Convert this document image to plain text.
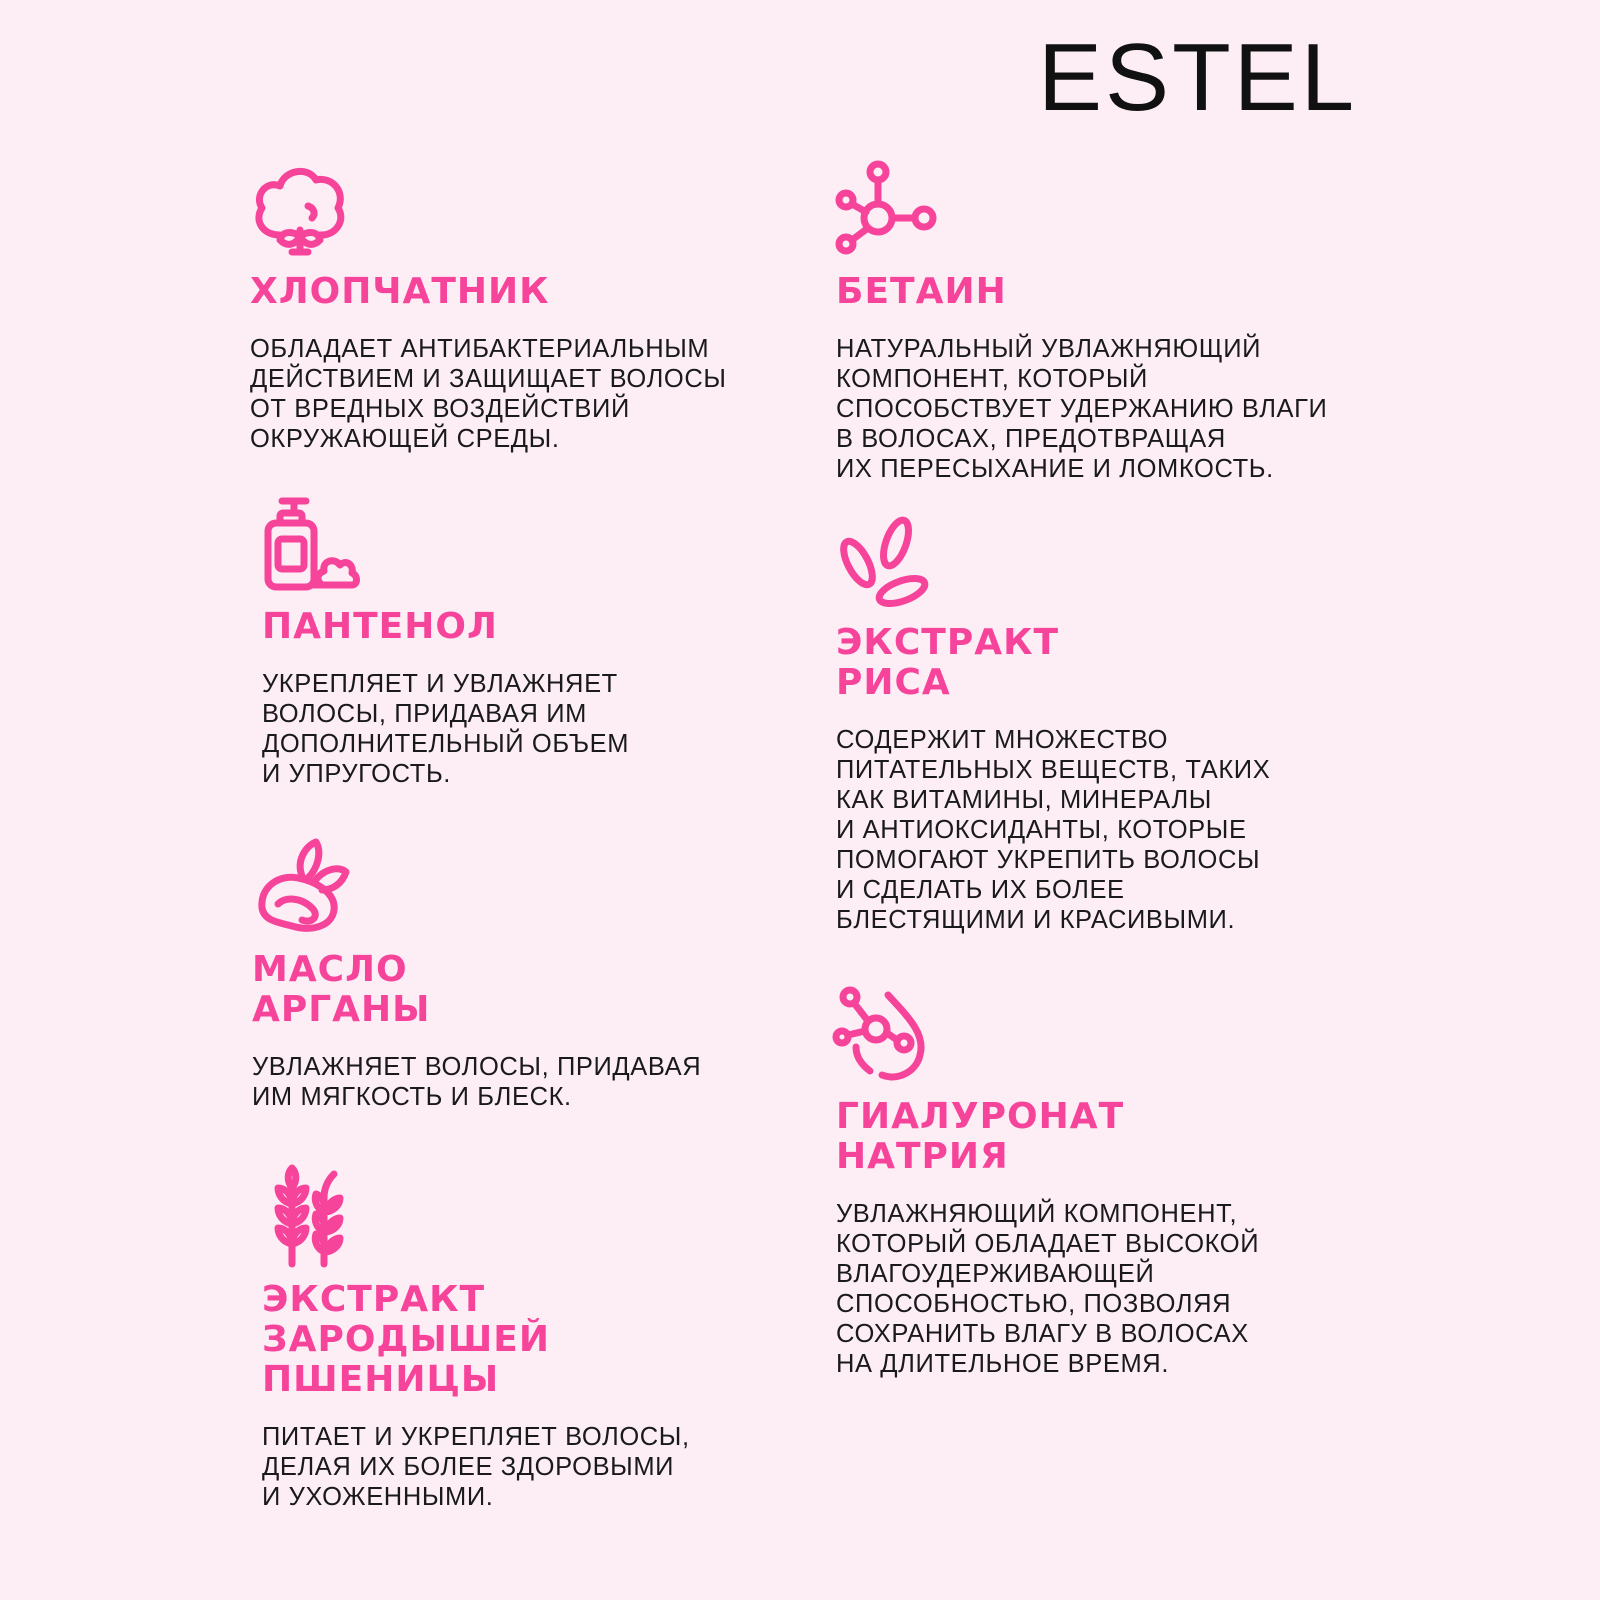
ESTEL
ХЛОПЧАТНИК
ОБЛАДАЕТ АНТИБАКТЕРИАЛЬНЫМ
ДЕЙСТВИЕМ И ЗАЩИЩАЕТ ВОЛОСЫ
ОТ ВРЕДНЫХ ВОЗДЕЙСТВИЙ
ОКРУЖАЮЩЕЙ СРЕДЫ.
ПАНТЕНОЛ
УКРЕПЛЯЕТ И УВЛАЖНЯЕТ
ВОЛОСЫ, ПРИДАВАЯ ИМ
ДОПОЛНИТЕЛЬНЫЙ ОБЪЕМ
И УПРУГОСТЬ.
МАСЛО
АРГАНЫ
УВЛАЖНЯЕТ ВОЛОСЫ, ПРИДАВАЯ
ИМ МЯГКОСТЬ И БЛЕСК.
ЭКСТРАКТ
ЗАРОДЫШЕЙ
ПШЕНИЦЫ
ПИТАЕТ И УКРЕПЛЯЕТ ВОЛОСЫ,
ДЕЛАЯ ИХ БОЛЕЕ ЗДОРОВЫМИ
И УХОЖЕННЫМИ.
БЕТАИН
НАТУРАЛЬНЫЙ УВЛАЖНЯЮЩИЙ
КОМПОНЕНТ, КОТОРЫЙ
СПОСОБСТВУЕТ УДЕРЖАНИЮ ВЛАГИ
В ВОЛОСАХ, ПРЕДОТВРАЩАЯ
ИХ ПЕРЕСЫХАНИЕ И ЛОМКОСТЬ.
ЭКСТРАКТ
РИСА
СОДЕРЖИТ МНОЖЕСТВО
ПИТАТЕЛЬНЫХ ВЕЩЕСТВ, ТАКИХ
КАК ВИТАМИНЫ, МИНЕРАЛЫ
И АНТИОКСИДАНТЫ, КОТОРЫЕ
ПОМОГАЮТ УКРЕПИТЬ ВОЛОСЫ
И СДЕЛАТЬ ИХ БОЛЕЕ
БЛЕСТЯЩИМИ И КРАСИВЫМИ.
ГИАЛУРОНАТ
НАТРИЯ
УВЛАЖНЯЮЩИЙ КОМПОНЕНТ,
КОТОРЫЙ ОБЛАДАЕТ ВЫСОКОЙ
ВЛАГОУДЕРЖИВАЮЩЕЙ
СПОСОБНОСТЬЮ, ПОЗВОЛЯЯ
СОХРАНИТЬ ВЛАГУ В ВОЛОСАХ
НА ДЛИТЕЛЬНОЕ ВРЕМЯ.
